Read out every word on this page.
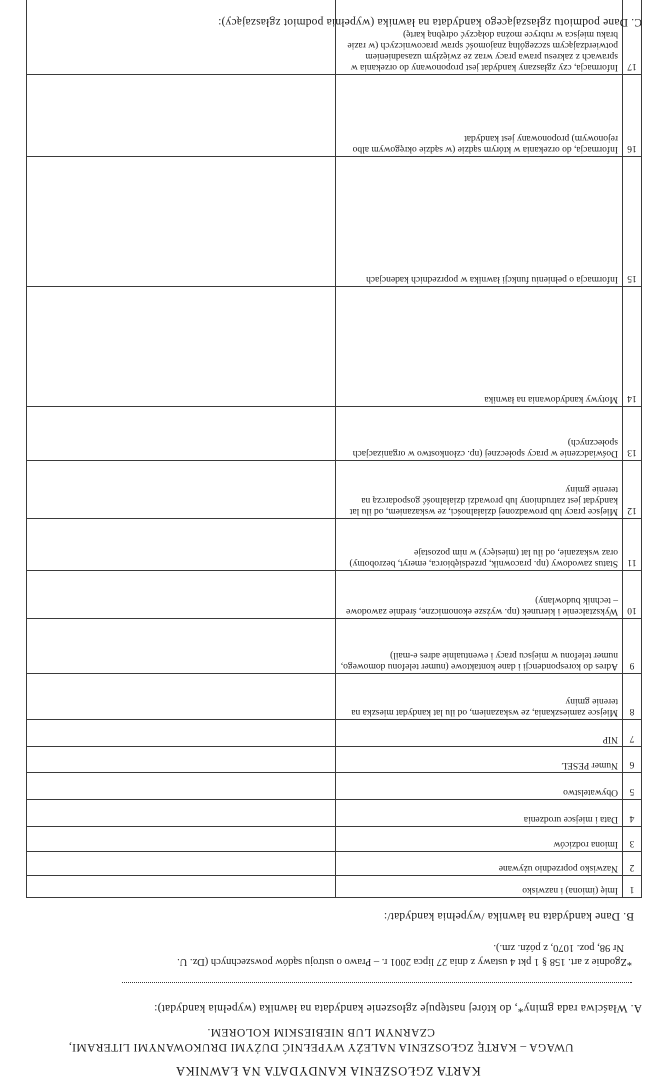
KARTA ZGŁOSZENIA KANDYDATA NA ŁAWNIKA
UWAGA – KARTĘ ZGŁOSZENIA NALEŻY WYPEŁNIĆ DUŻYMI DRUKOWANYMI LITERAMI,
CZARNYM LUB NIEBIESKIM KOLOREM.
A. Właściwa rada gminy*, do której następuje zgłoszenie kandydata na ławnika (wypełnia kandydat):
*Zgodnie z art. 158 § 1 pkt 4 ustawy z dnia 27 lipca 2001 r. – Prawo o ustroju sądów powszechnych (Dz. U.
Nr 98, poz. 1070, z późn. zm.).
B. Dane kandydata na ławnika /wypełnia kandydat/:
1	Imię (imiona) i nazwisko	
2	Nazwisko poprzednio używane	
3	Imiona rodziców	
4	Data i miejsce urodzenia	
5	Obywatelstwo	
6	Numer PESEL	
7	NIP	
8	Miejsce zamieszkania, ze wskazaniem, od ilu lat kandydat mieszka na terenie gminy	
9	Adres do korespondencji i dane kontaktowe (numer telefonu domowego, numer telefonu w miejscu pracy i ewentualnie adres e-mail)	
10	Wykształcenie i kierunek (np. wyższe ekonomiczne, średnie zawodowe – technik budowlany)	
11	Status zawodowy (np. pracownik, przedsiębiorca, emeryt, bezrobotny) oraz wskazanie, od ilu lat (miesięcy) w nim pozostaje	
12	Miejsce pracy lub prowadzonej działalności, ze wskazaniem, od ilu lat kandydat jest zatrudniony lub prowadzi działalność gospodarczą na terenie gminy	
13	Doświadczenie w pracy społecznej (np. członkostwo w organizacjach społecznych)	
14	Motywy kandydowania na ławnika	
15	Informacja o pełnieniu funkcji ławnika w poprzednich kadencjach	
16	Informacja, do orzekania w którym sądzie (w sądzie okręgowym albo rejonowym) proponowany jest kandydat	
17	Informacja, czy zgłaszany kandydat jest proponowany do orzekania w sprawach z zakresu prawa pracy wraz ze zwięzłym uzasadnieniem potwierdzającym szczególną znajomość spraw pracowniczych (w razie braku miejsca w rubryce można dołączyć odrębną kartę)	
C. Dane podmiotu zgłaszającego kandydata na ławnika (wypełnia podmiot zgłaszający):
